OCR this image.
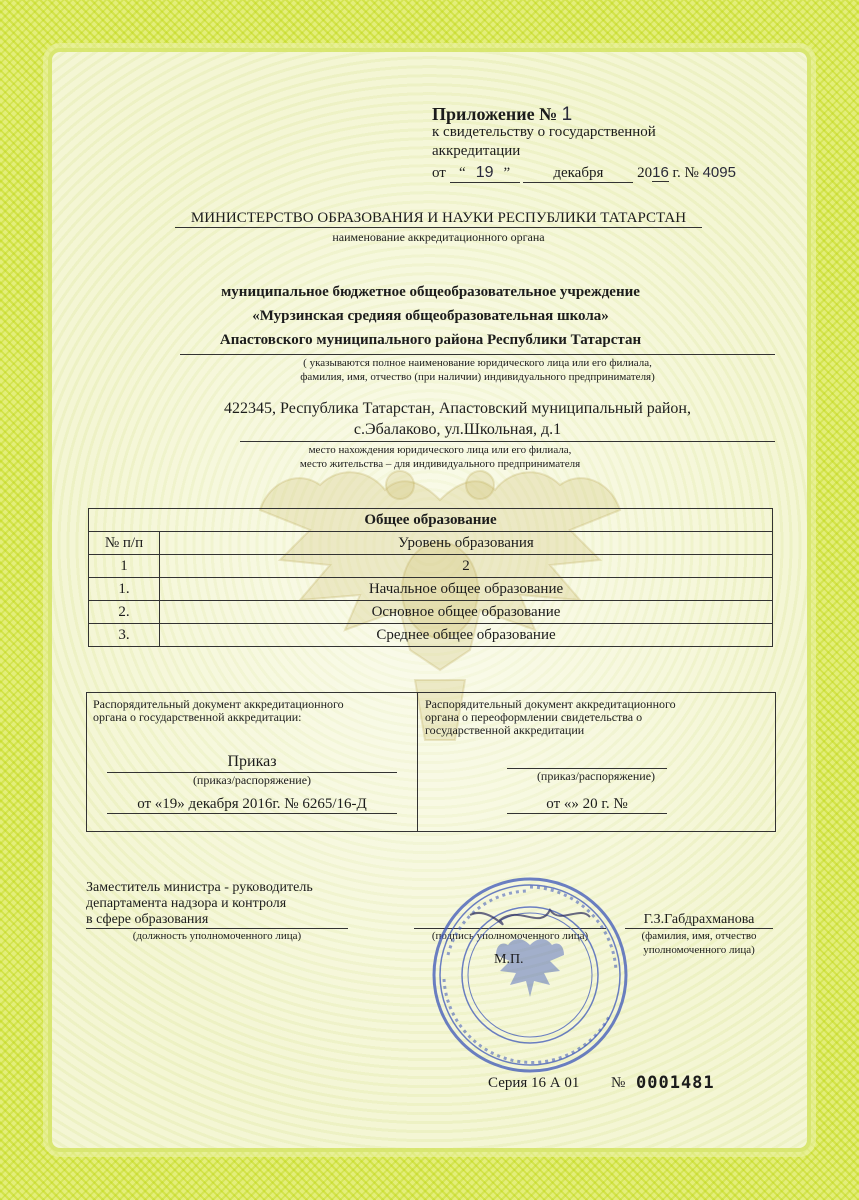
Приложение № 1
к свидетельству о государственной
аккредитации
от “ 19 ”	декабря 2016 г. № 4095
МИНИСТЕРСТВО ОБРАЗОВАНИЯ И НАУКИ РЕСПУБЛИКИ ТАТАРСТАН
наименование аккредитационного органа
муниципальное бюджетное общеобразовательное учреждение
«Мурзинская средияя общеобразовательная школа»
Апастовского муниципального района Республики Татарстан
( указываются полное наименование юридического лица или его филиала,
фамилия, имя, отчество (при наличии) индивидуального предпринимателя)
422345, Республика Татарстан, Апастовский муниципальный район,
с.Эбалаково, ул.Школьная, д.1
место нахождения юридического лица или его филиала,
место жительства – для индивидуального предпринимателя
Общее образование	
№ п/п	Уровень образования
1	2
1.	Начальное общее образование
2.	Основное общее образование
3.	Среднее общее образование
Распорядительный документ аккредитационного
органа о государственной аккредитации:
Приказ
(приказ/распоряжение)
от «19» декабря 2016г. № 6265/16-Д
Распорядительный документ аккредитационного
органа о переоформлении свидетельства о
государственной аккредитации
(приказ/распоряжение)
от «» 20 г. №
Заместитель министра - руководитель
департамента надзора и контроля
в сфере образования
(должность уполномоченного лица)	(подпись уполномоченного лица)
Г.З.Габдрахманова
(фамилия, имя, отчество
уполномоченного лица)
М.П.
Серия 16 А 01 № 0001481
